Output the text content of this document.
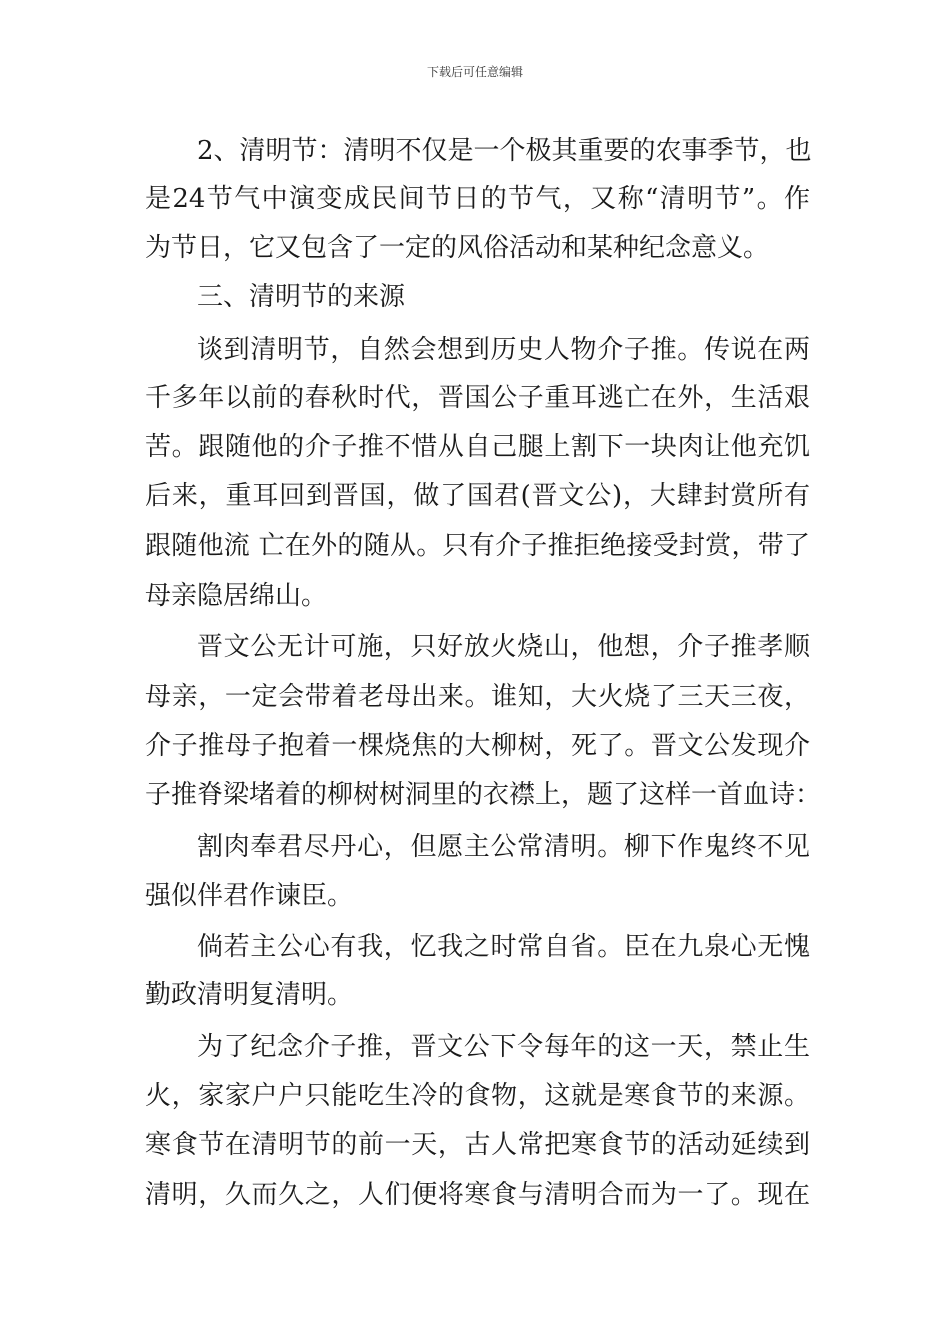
下载后可任意编辑
2、清明节：清明不仅是一个极其重要的农事季节，也
是24节气中演变成民间节日的节气，又称“清明节”。作
为节日，它又包含了一定的风俗活动和某种纪念意义。
三、清明节的来源
谈到清明节，自然会想到历史人物介子推。传说在两
千多年以前的春秋时代，晋国公子重耳逃亡在外，生活艰
苦。跟随他的介子推不惜从自己腿上割下一块肉让他充饥
后来，重耳回到晋国，做了国君(晋文公)，大肆封赏所有
跟随他流 亡在外的随从。只有介子推拒绝接受封赏，带了
母亲隐居绵山。
晋文公无计可施，只好放火烧山，他想，介子推孝顺
母亲，一定会带着老母出来。谁知，大火烧了三天三夜，
介子推母子抱着一棵烧焦的大柳树，死了。晋文公发现介
子推脊梁堵着的柳树树洞里的衣襟上，题了这样一首血诗：
割肉奉君尽丹心，但愿主公常清明。柳下作鬼终不见
强似伴君作谏臣。
倘若主公心有我，忆我之时常自省。臣在九泉心无愧
勤政清明复清明。
为了纪念介子推，晋文公下令每年的这一天，禁止生
火，家家户户只能吃生冷的食物，这就是寒食节的来源。
寒食节在清明节的前一天，古人常把寒食节的活动延续到
清明，久而久之，人们便将寒食与清明合而为一了。现在
